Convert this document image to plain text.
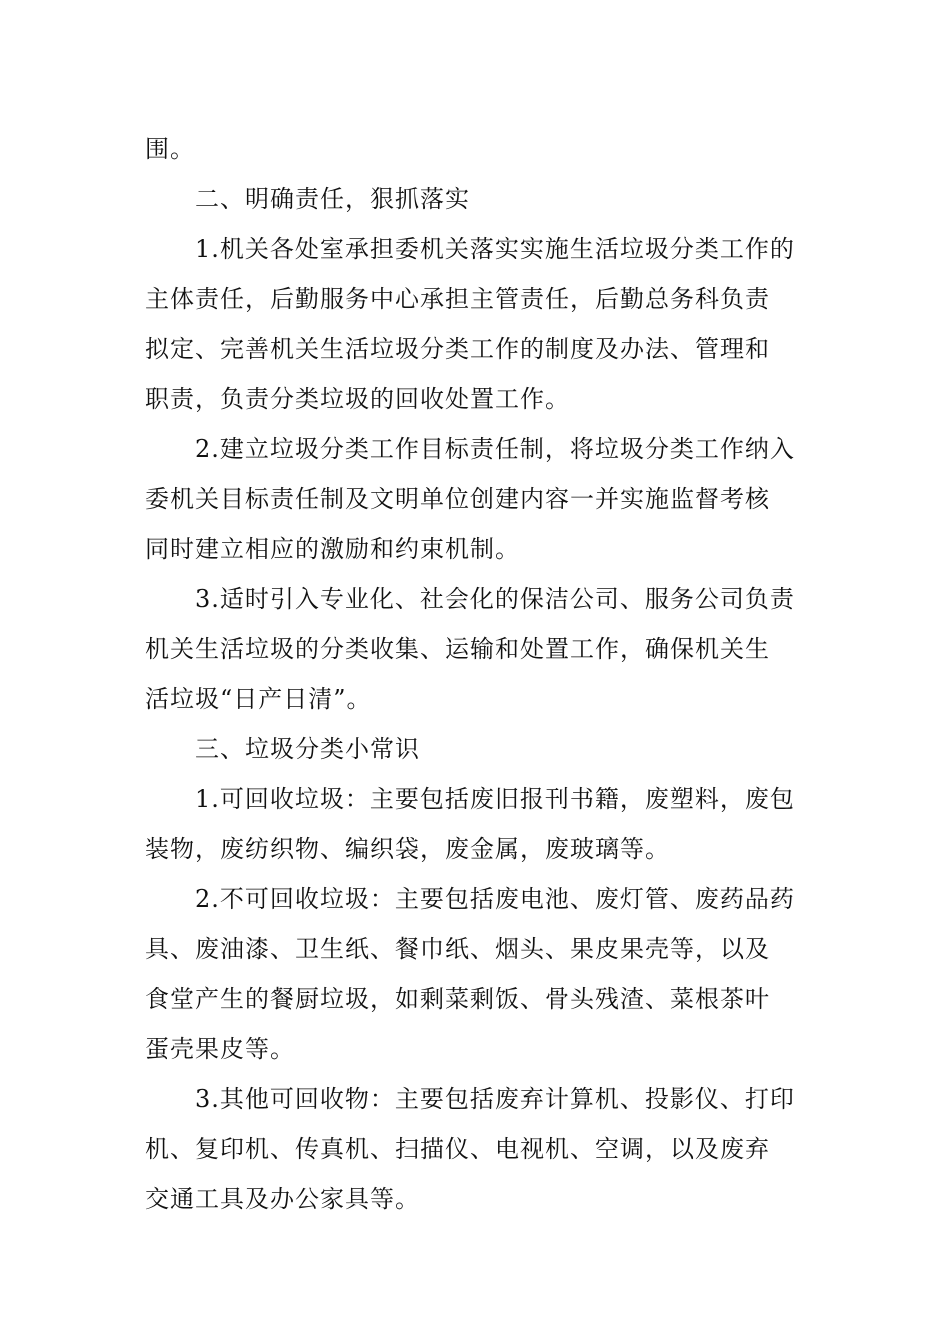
围。
二、明确责任，狠抓落实
1.机关各处室承担委机关落实实施生活垃圾分类工作的
主体责任，后勤服务中心承担主管责任，后勤总务科负责
拟定、完善机关生活垃圾分类工作的制度及办法、管理和
职责，负责分类垃圾的回收处置工作。
2.建立垃圾分类工作目标责任制，将垃圾分类工作纳入
委机关目标责任制及文明单位创建内容一并实施监督考核
同时建立相应的激励和约束机制。
3.适时引入专业化、社会化的保洁公司、服务公司负责
机关生活垃圾的分类收集、运输和处置工作，确保机关生
活垃圾“日产日清”。
三、垃圾分类小常识
1.可回收垃圾：主要包括废旧报刊书籍，废塑料，废包
装物，废纺织物、编织袋，废金属，废玻璃等。
2.不可回收垃圾：主要包括废电池、废灯管、废药品药
具、废油漆、卫生纸、餐巾纸、烟头、果皮果壳等，以及
食堂产生的餐厨垃圾，如剩菜剩饭、骨头残渣、菜根茶叶
蛋壳果皮等。
3.其他可回收物：主要包括废弃计算机、投影仪、打印
机、复印机、传真机、扫描仪、电视机、空调，以及废弃
交通工具及办公家具等。
